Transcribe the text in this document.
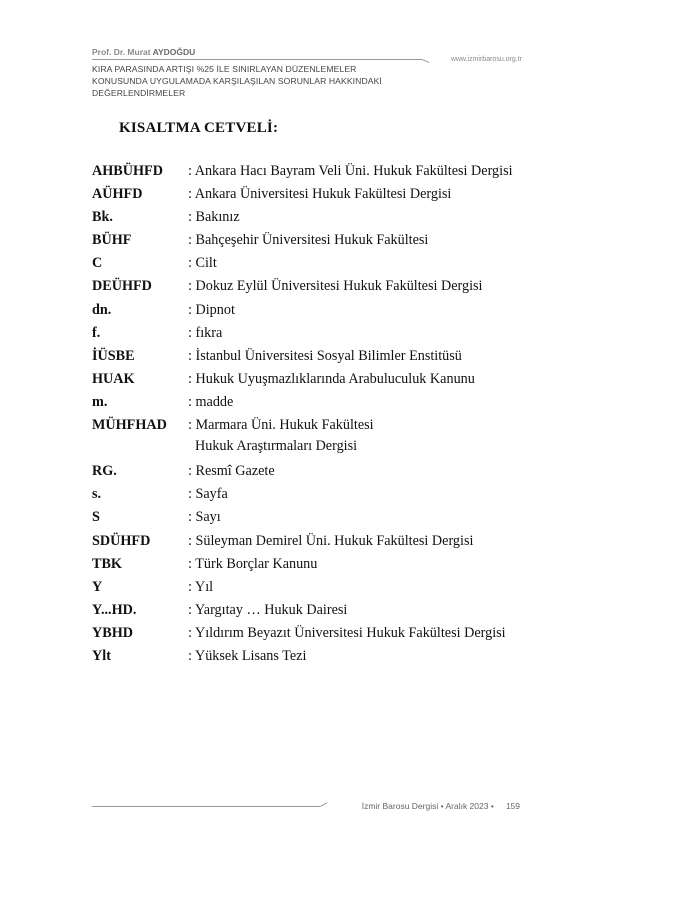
Prof. Dr. Murat AYDOĞDU
www.izmirbarosu.org.tr
KIRA PARASINDA ARTIŞI %25 İLE SINIRLAYAN DÜZENLEMELER
KONUSUNDA UYGULAMADA KARŞILAŞILAN SORUNLAR HAKKINDAKİ
DEĞERLENDİRMELER
KISALTMA CETVELİ:
AHBÜHFD	: Ankara Hacı Bayram Veli Üni. Hukuk Fakültesi Dergisi
AÜHFD	: Ankara Üniversitesi Hukuk Fakültesi Dergisi
Bk.	: Bakınız
BÜHF	: Bahçeşehir Üniversitesi Hukuk Fakültesi
C	: Cilt
DEÜHFD	: Dokuz Eylül Üniversitesi Hukuk Fakültesi Dergisi
dn.	: Dipnot
f.	: fıkra
İÜSBE	: İstanbul Üniversitesi Sosyal Bilimler Enstitüsü
HUAK	: Hukuk Uyuşmazlıklarında Arabuluculuk Kanunu
m.	: madde
MÜHFHAD	: Marmara Üni. Hukuk Fakültesi
Hukuk Araştırmaları Dergisi
RG.	: Resmî Gazete
s.	: Sayfa
S	: Sayı
SDÜHFD	: Süleyman Demirel Üni. Hukuk Fakültesi Dergisi
TBK	: Türk Borçlar Kanunu
Y	: Yıl
Y...HD.	: Yargıtay … Hukuk Dairesi
YBHD	: Yıldırım Beyazıt Üniversitesi Hukuk Fakültesi Dergisi
Ylt	: Yüksek Lisans Tezi
İzmir Barosu Dergisi • Aralık 2023 • 159
